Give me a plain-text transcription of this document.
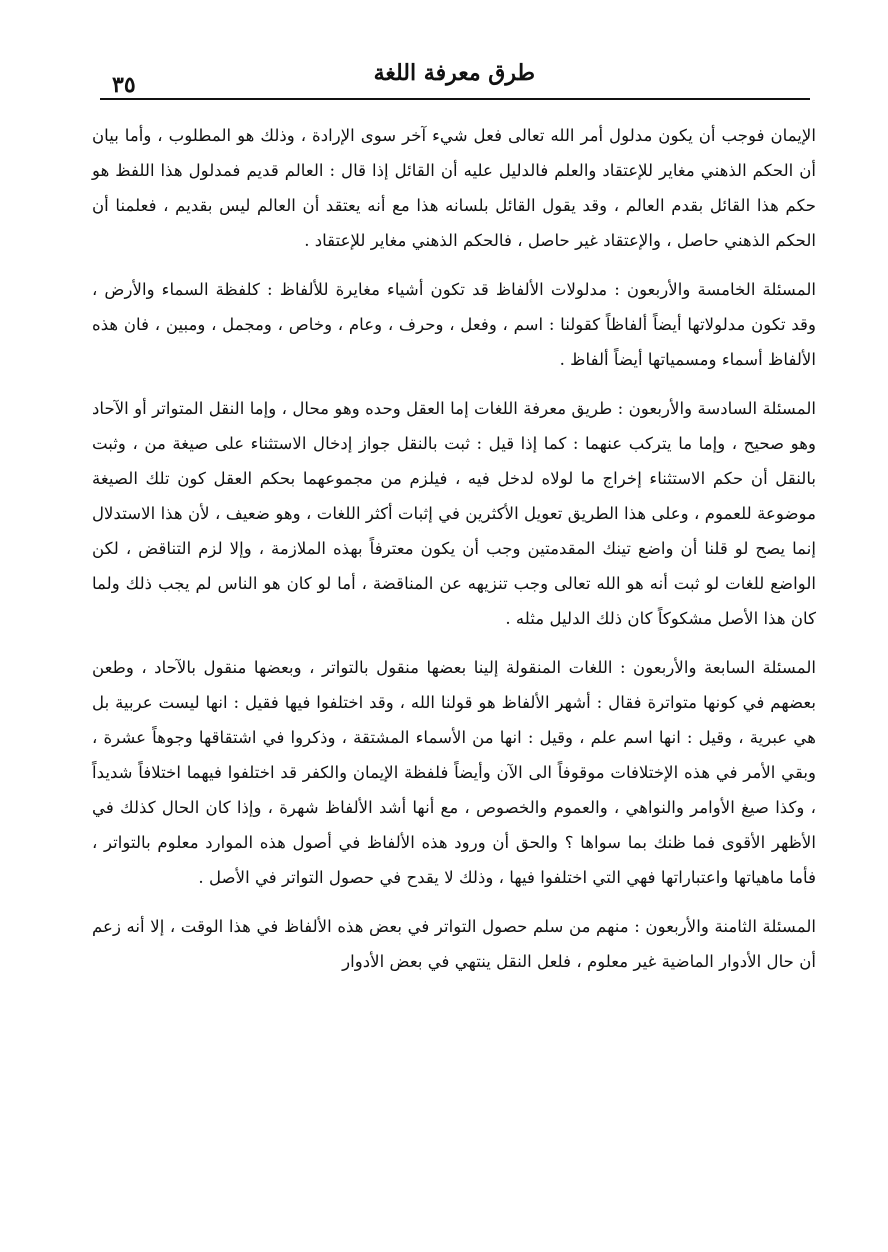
طرق معرفة اللغة
٣٥

الإيمان فوجب أن يكون مدلول أمر الله تعالى فعل شيء آخر سوى الإرادة ، وذلك هو المطلوب ، وأما بيان أن الحكم الذهني مغاير للإعتقاد والعلم فالدليل عليه أن القائل إذا قال : العالم قديم فمدلول هذا اللفظ هو حكم هذا القائل بقدم العالم ، وقد يقول القائل بلسانه هذا مع أنه يعتقد أن العالم ليس بقديم ، فعلمنا أن الحكم الذهني حاصل ، والإعتقاد غير حاصل ، فالحكم الذهني مغاير للإعتقاد .

المسئلة الخامسة والأربعون : مدلولات الألفاظ قد تكون أشياء مغايرة للألفاظ : كلفظة السماء والأرض ، وقد تكون مدلولاتها أيضاً ألفاظاً كقولنا : اسم ، وفعل ، وحرف ، وعام ، وخاص ، ومجمل ، ومبين ، فان هذه الألفاظ أسماء ومسمياتها أيضاً ألفاظ .

المسئلة السادسة والأربعون : طريق معرفة اللغات إما العقل وحده وهو محال ، وإما النقل المتواتر أو الآحاد وهو صحيح ، وإما ما يتركب عنهما : كما إذا قيل : ثبت بالنقل جواز إدخال الاستثناء على صيغة من ، وثبت بالنقل أن حكم الاستثناء إخراج ما لولاه لدخل فيه ، فيلزم من مجموعهما بحكم العقل كون تلك الصيغة موضوعة للعموم ، وعلى هذا الطريق تعويل الأكثرين في إثبات أكثر اللغات ، وهو ضعيف ، لأن هذا الاستدلال إنما يصح لو قلنا أن واضع تينك المقدمتين وجب أن يكون معترفاً بهذه الملازمة ، وإلا لزم التناقض ، لكن الواضع للغات لو ثبت أنه هو الله تعالى وجب تنزيهه عن المناقضة ، أما لو كان هو الناس لم يجب ذلك ولما كان هذا الأصل مشكوكاً كان ذلك الدليل مثله .

المسئلة السابعة والأربعون : اللغات المنقولة إلينا بعضها منقول بالتواتر ، وبعضها منقول بالآحاد ، وطعن بعضهم في كونها متواترة فقال : أشهر الألفاظ هو قولنا الله ، وقد اختلفوا فيها فقيل : انها ليست عربية بل هي عبرية ، وقيل : انها اسم علم ، وقيل : انها من الأسماء المشتقة ، وذكروا في اشتقاقها وجوهاً عشرة ، وبقي الأمر في هذه الإختلافات موقوفاً الى الآن وأيضاً فلفظة الإيمان والكفر قد اختلفوا فيهما اختلافاً شديداً ، وكذا صيغ الأوامر والنواهي ، والعموم والخصوص ، مع أنها أشد الألفاظ شهرة ، وإذا كان الحال كذلك في الأظهر الأقوى فما ظنك بما سواها ؟ والحق أن ورود هذه الألفاظ في أصول هذه الموارد معلوم بالتواتر ، فأما ماهياتها واعتباراتها فهي التي اختلفوا فيها ، وذلك لا يقدح في حصول التواتر في الأصل .

المسئلة الثامنة والأربعون : منهم من سلم حصول التواتر في بعض هذه الألفاظ في هذا الوقت ، إلا أنه زعم أن حال الأدوار الماضية غير معلوم ، فلعل النقل ينتهي في بعض الأدوار
